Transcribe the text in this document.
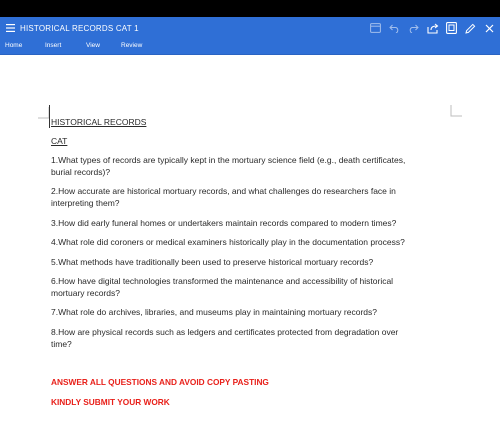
HISTORICAL RECORDS CAT 1
Home	Insert	View	Review
HISTORICAL RECORDS
CAT
1.What types of records are typically kept in the mortuary science field (e.g., death certificates,
burial records)?
2.How accurate are historical mortuary records, and what challenges do researchers face in
interpreting them?
3.How did early funeral homes or undertakers maintain records compared to modern times?
4.What role did coroners or medical examiners historically play in the documentation process?
5.What methods have traditionally been used to preserve historical mortuary records?
6.How have digital technologies transformed the maintenance and accessibility of historical
mortuary records?
7.What role do archives, libraries, and museums play in maintaining mortuary records?
8.How are physical records such as ledgers and certificates protected from degradation over
time?
ANSWER ALL QUESTIONS AND AVOID COPY PASTING
KINDLY SUBMIT YOUR WORK
